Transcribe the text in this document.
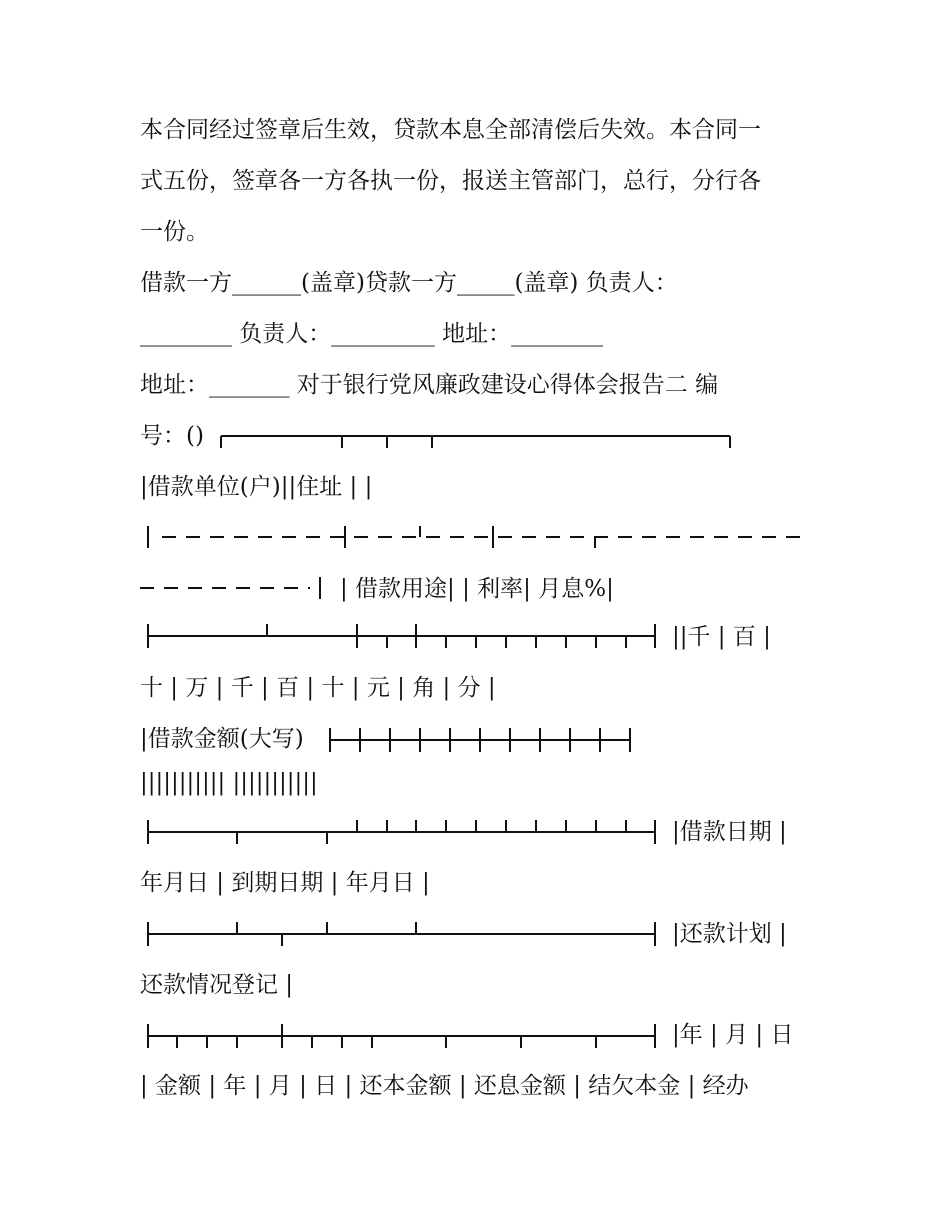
本合同经过签章后生效，贷款本息全部清偿后失效。本合同一
式五份，签章各一方各执一份，报送主管部门，总行，分行各
一份。
借款一方______(盖章)贷款一方_____(盖章) 负责人：
________ 负责人：_________ 地址：________
地址：_______ 对于银行党风廉政建设心得体会报告二 编
号：()
|借款单位(户)||住址 | |
| 借款用途| | 利率| 月息%|
||千 | 百 |
十 | 万 | 千 | 百 | 十 | 元 | 角 | 分 |
|借款金额(大写)
||||||||||| |||||||||||
|借款日期 |
年月日 | 到期日期 | 年月日 |
|还款计划 |
还款情况登记 |
|年 | 月 | 日
| 金额 | 年 | 月 | 日 | 还本金额 | 还息金额 | 结欠本金 | 经办
